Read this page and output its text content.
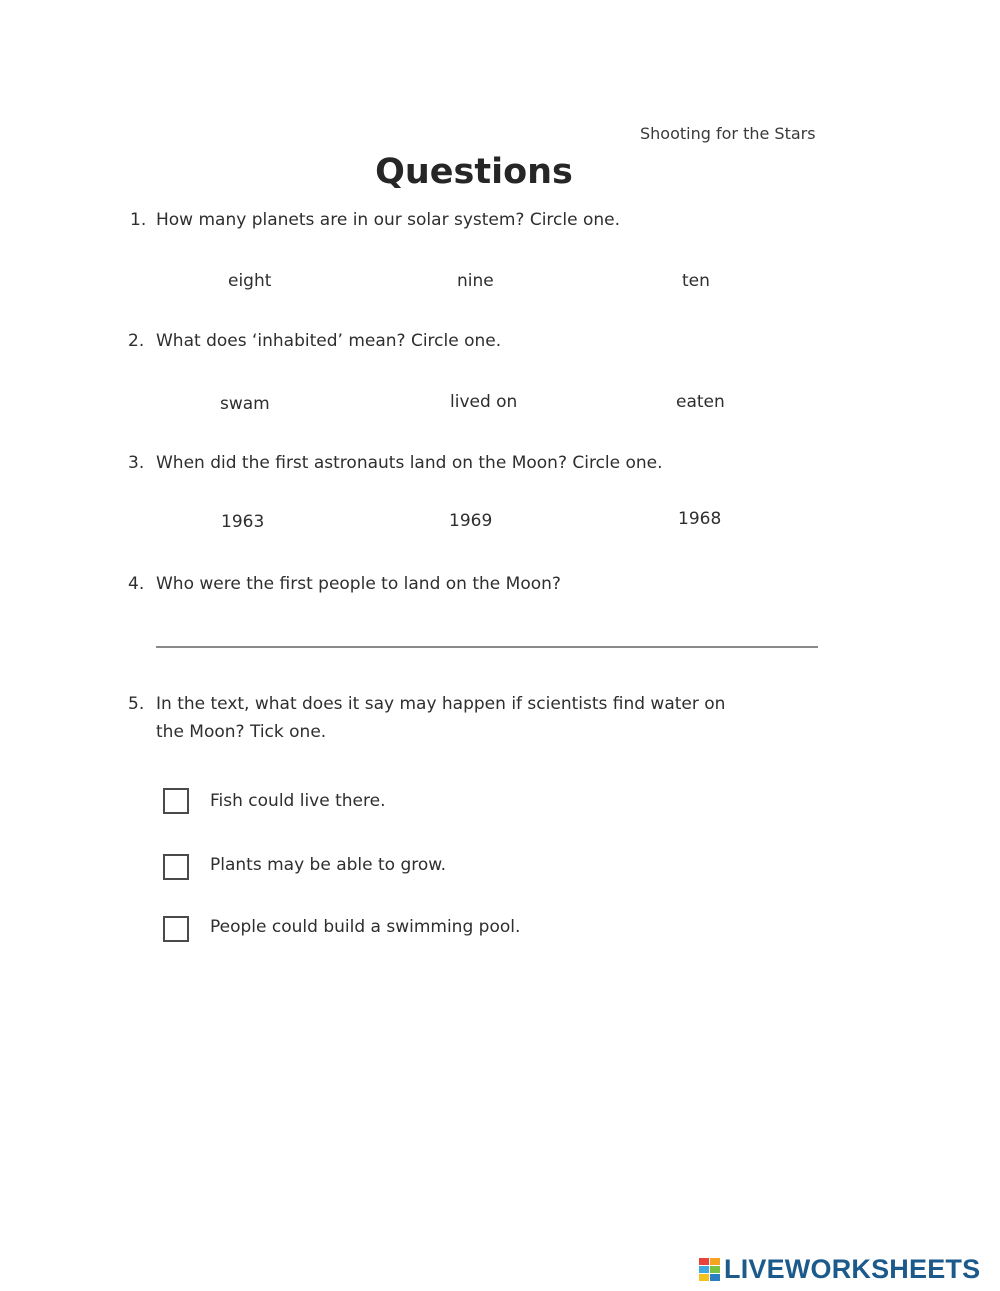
Shooting for the Stars
Questions
1. How many planets are in our solar system? Circle one.
eight	nine	ten
2. What does ‘inhabited’ mean? Circle one.
swam	lived on	eaten
3. When did the first astronauts land on the Moon? Circle one.
1963	1969	1968
4. Who were the first people to land on the Moon?
5. In the text, what does it say may happen if scientists find water on
the Moon? Tick one.
Fish could live there.
Plants may be able to grow.
People could build a swimming pool.
LIVEWORKSHEETS
